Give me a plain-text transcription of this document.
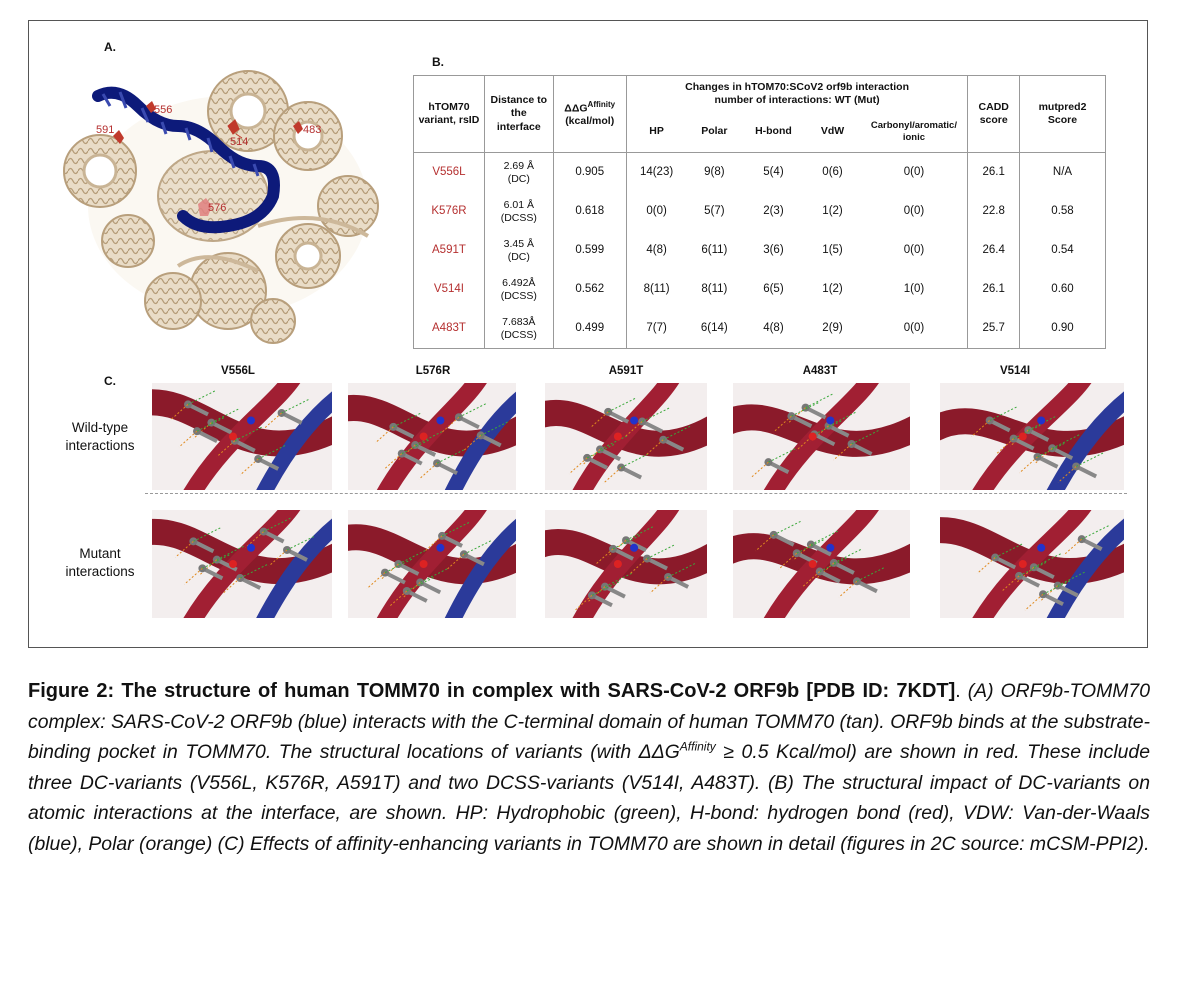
A.
B.
C.
591
556
514
483
576
hTOM70 variant, rsID	Distance to the interface	$\Delta\Delta G^{Affinity}$
(kcal/mol)	Changes in hTOM70:SCoV2 orf9b interaction
number of interactions: WT (Mut)					CADD score	mutpred2 Score
			HP	Polar	H-bond	VdW	Carbonyl/aromatic/ ionic		
V556L	2.69 Å
(DC)	0.905	14(23)	9(8)	5(4)	0(6)	0(0)	26.1	N/A
K576R	6.01 Å
(DCSS)	0.618	0(0)	5(7)	2(3)	1(2)	0(0)	22.8	0.58
A591T	3.45 Å
(DC)	0.599	4(8)	6(11)	3(6)	1(5)	0(0)	26.4	0.54
V514I	6.492Å
(DCSS)	0.562	8(11)	8(11)	6(5)	1(2)	1(0)	26.1	0.60
A483T	7.683Å
(DCSS)	0.499	7(7)	6(14)	4(8)	2(9)	0(0)	25.7	0.90
V556L	L576R	A591T	A483T	V514I
Wild-type
interactions
Mutant
interactions
Figure 2: The structure of human TOMM70 in complex with SARS-CoV-2 ORF9b [PDB ID: 7KDT]. (A) ORF9b-TOMM70 complex: SARS-CoV-2 ORF9b (blue) interacts with the C-terminal domain of human TOMM70 (tan). ORF9b binds at the substrate-binding pocket in TOMM70. The structural locations of variants (with $\Delta\Delta G^{Affinity} \ge 0.5$ Kcal/mol) are shown in red. These include three DC-variants (V556L, K576R, A591T) and two DCSS-variants (V514I, A483T). (B) The structural impact of DC-variants on atomic interactions at the interface, are shown. HP: Hydrophobic (green), H-bond: hydrogen bond (red), VDW: Van-der-Waals (blue), Polar (orange) (C) Effects of affinity-enhancing variants in TOMM70 are shown in detail (figures in 2C source: mCSM-PPI2).
